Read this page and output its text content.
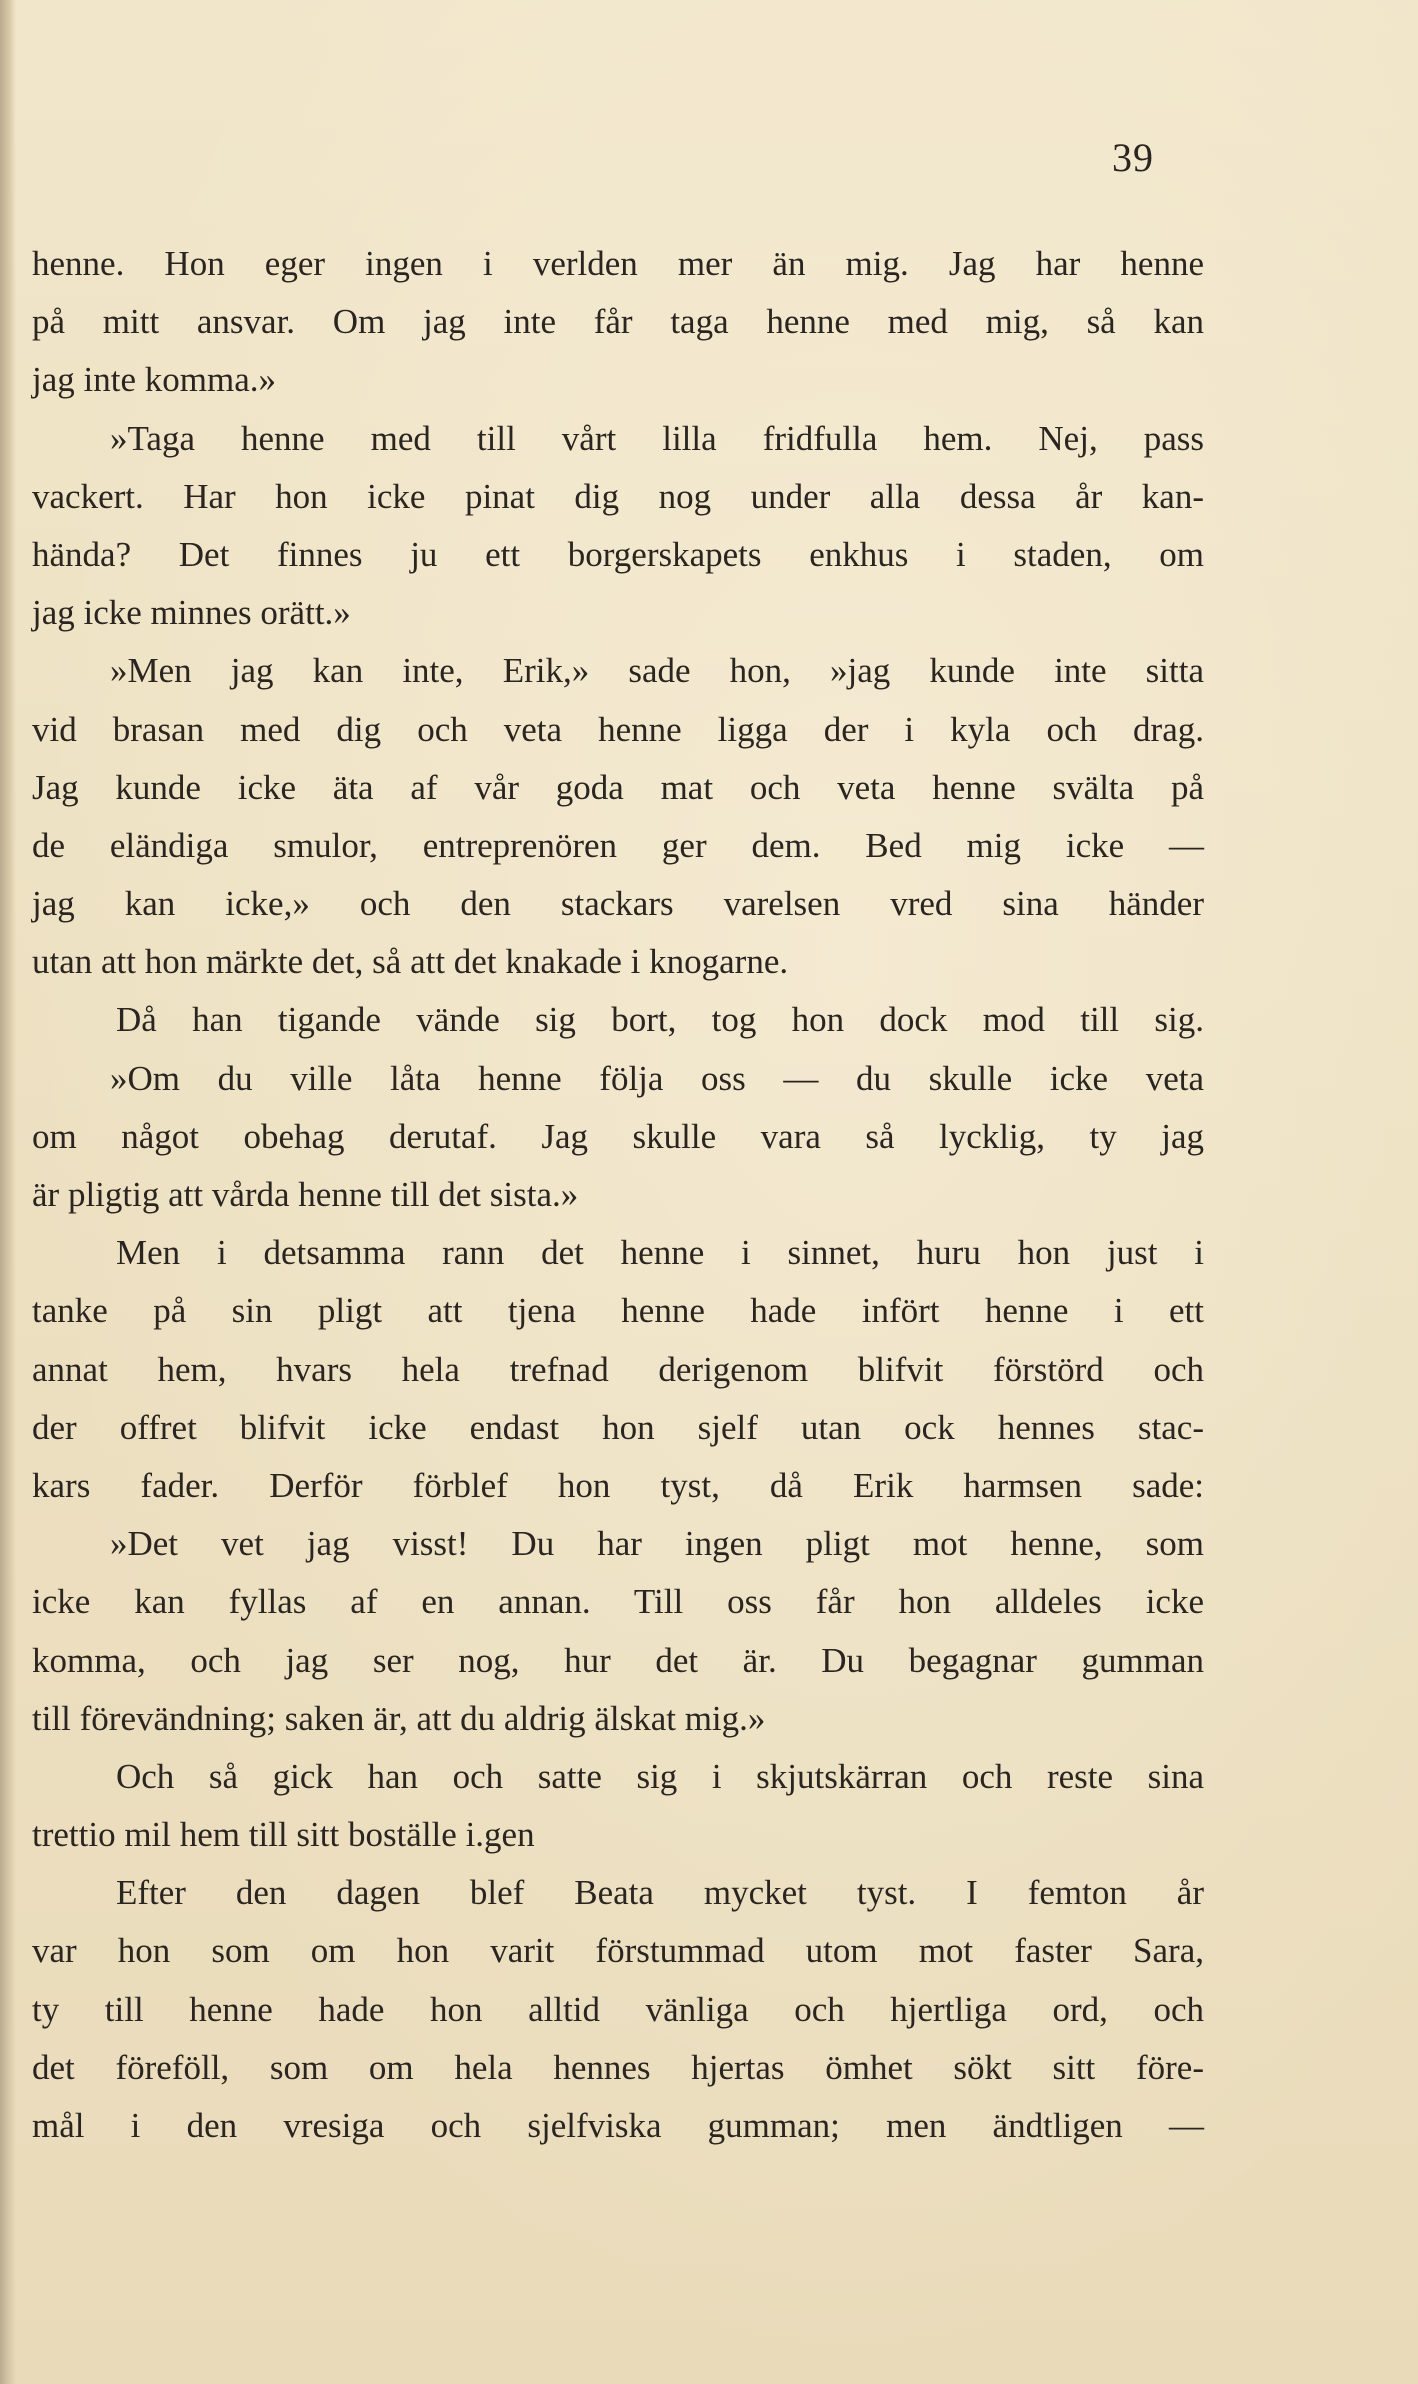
39
henne. Hon eger ingen i verlden mer än mig. Jag har henne
på mitt ansvar. Om jag inte får taga henne med mig, så kan
jag inte komma.»
»Taga henne med till vårt lilla fridfulla hem. Nej, pass
vackert. Har hon icke pinat dig nog under alla dessa år kan-
hända? Det finnes ju ett borgerskapets enkhus i staden, om
jag icke minnes orätt.»
»Men jag kan inte, Erik,» sade hon, »jag kunde inte sitta
vid brasan med dig och veta henne ligga der i kyla och drag.
Jag kunde icke äta af vår goda mat och veta henne svälta på
de eländiga smulor, entreprenören ger dem. Bed mig icke —
jag kan icke,» och den stackars varelsen vred sina händer
utan att hon märkte det, så att det knakade i knogarne.
Då han tigande vände sig bort, tog hon dock mod till sig.
»Om du ville låta henne följa oss — du skulle icke veta
om något obehag derutaf. Jag skulle vara så lycklig, ty jag
är pligtig att vårda henne till det sista.»
Men i detsamma rann det henne i sinnet, huru hon just i
tanke på sin pligt att tjena henne hade infört henne i ett
annat hem, hvars hela trefnad derigenom blifvit förstörd och
der offret blifvit icke endast hon sjelf utan ock hennes stac-
kars fader. Derför förblef hon tyst, då Erik harmsen sade:
»Det vet jag visst! Du har ingen pligt mot henne, som
icke kan fyllas af en annan. Till oss får hon alldeles icke
komma, och jag ser nog, hur det är. Du begagnar gumman
till förevändning; saken är, att du aldrig älskat mig.»
Och så gick han och satte sig i skjutskärran och reste sina
trettio mil hem till sitt boställe i.gen
Efter den dagen blef Beata mycket tyst. I femton år
var hon som om hon varit förstummad utom mot faster Sara,
ty till henne hade hon alltid vänliga och hjertliga ord, och
det föreföll, som om hela hennes hjertas ömhet sökt sitt före-
mål i den vresiga och sjelfviska gumman; men ändtligen —
